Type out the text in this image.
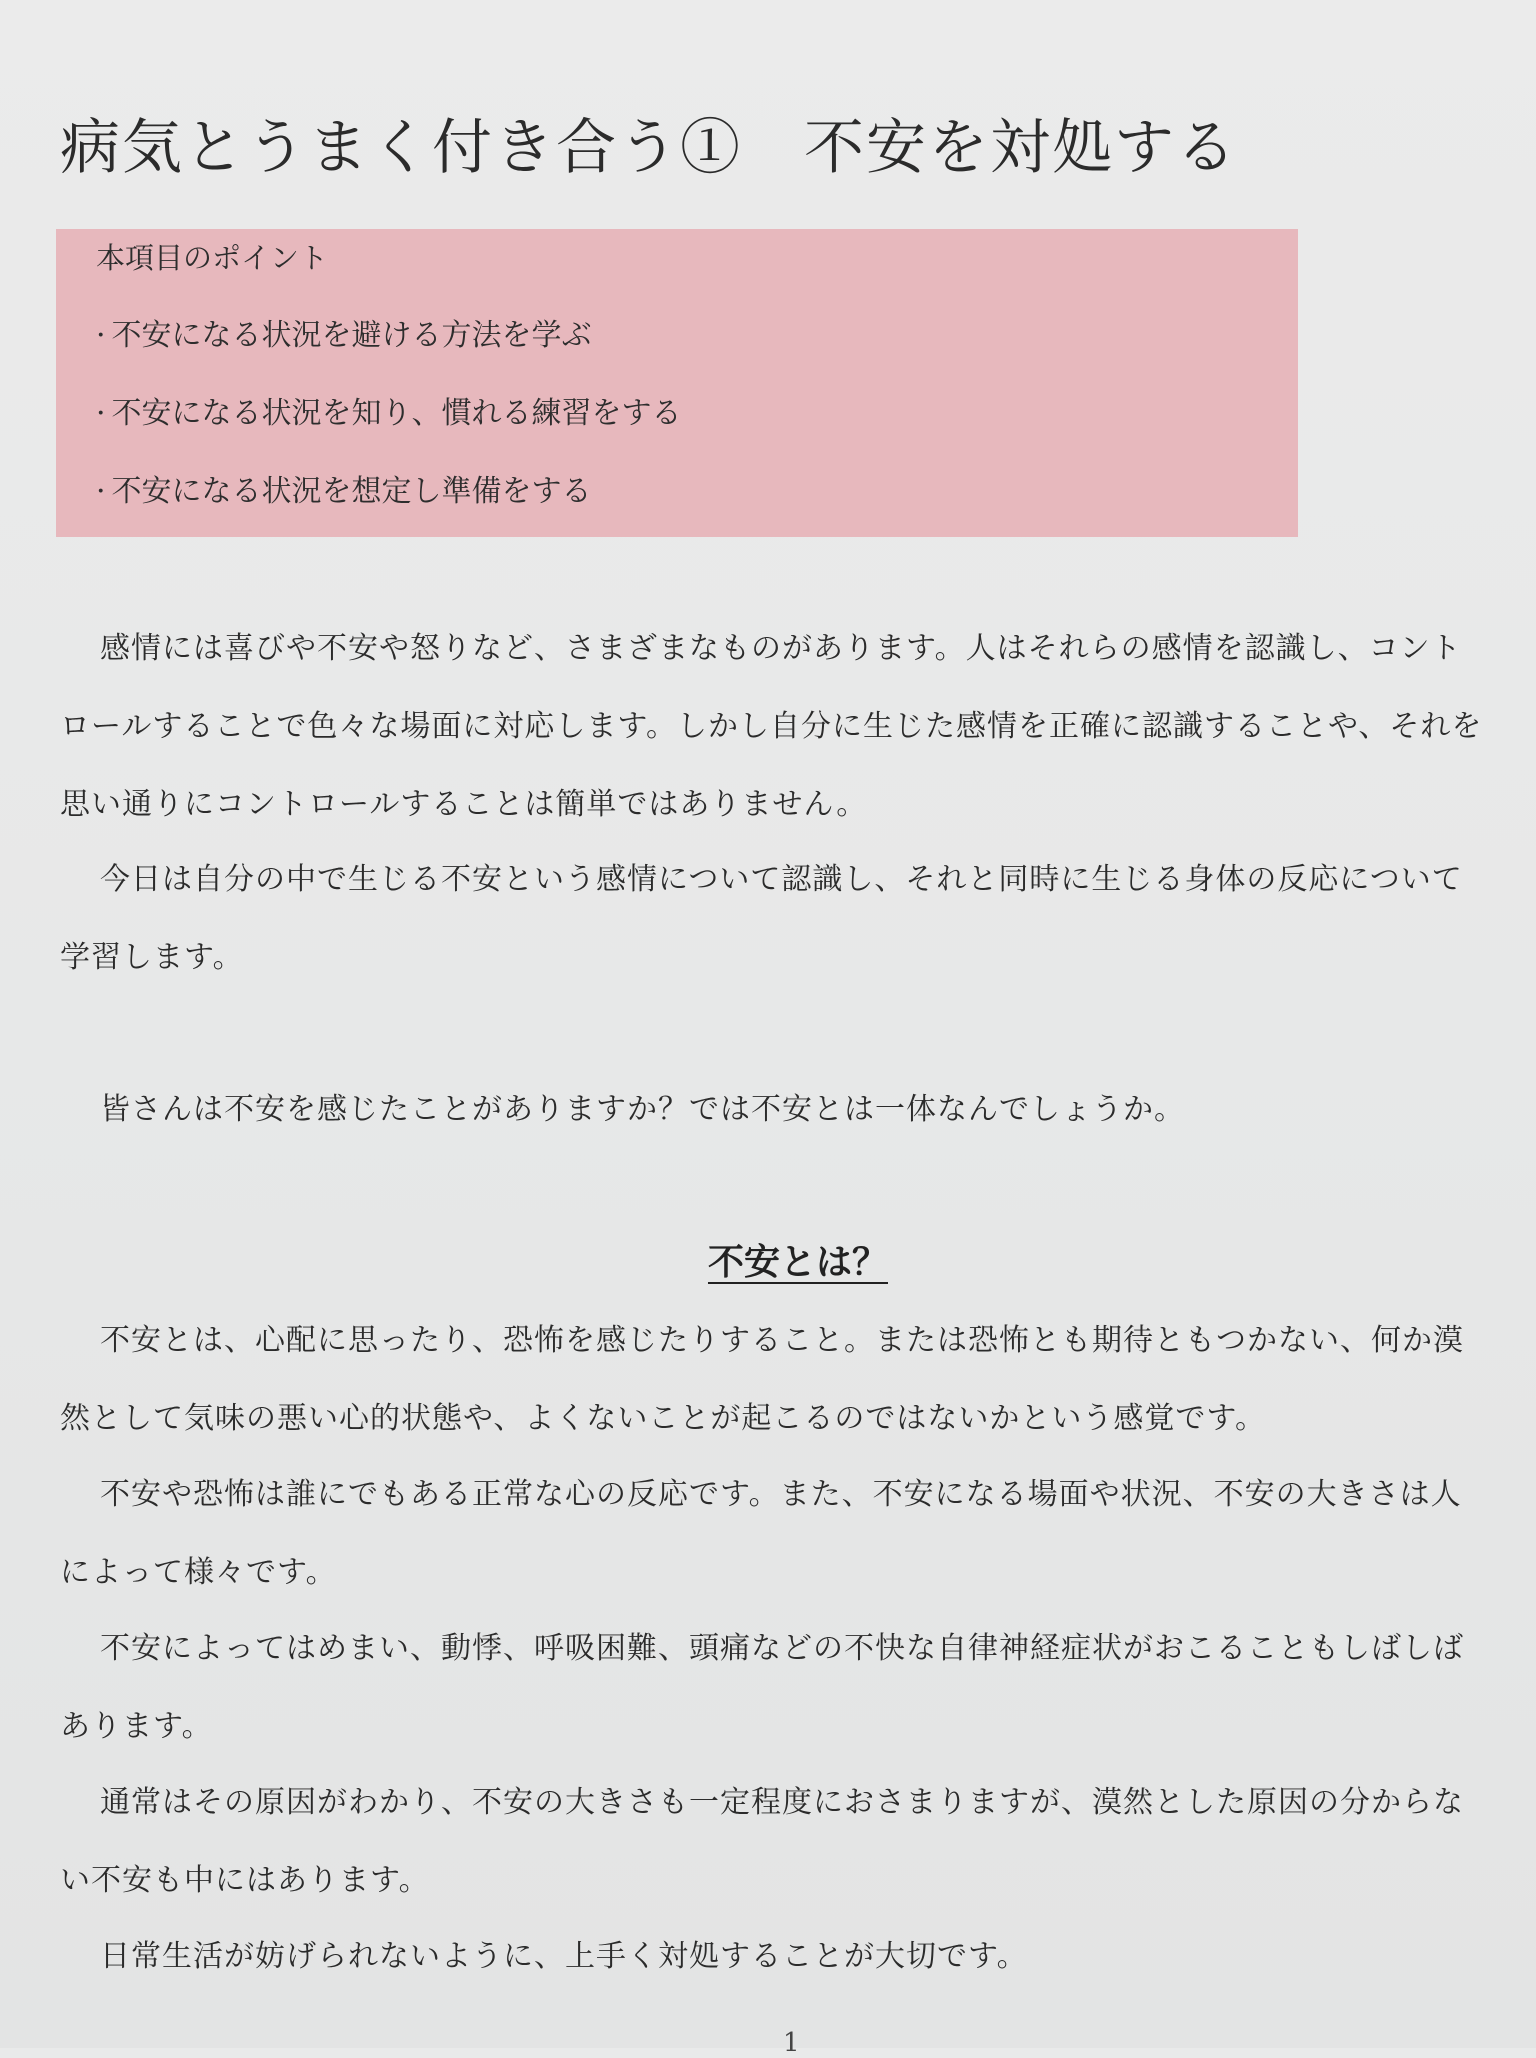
病気とうまく付き合う①　不安を対処する

本項目のポイント

· 不安になる状況を避ける方法を学ぶ
· 不安になる状況を知り、慣れる練習をする
· 不安になる状況を想定し準備をする

感情には喜びや不安や怒りなど、さまざまなものがあります。人はそれらの感情を認識し、コントロールすることで色々な場面に対応します。しかし自分に生じた感情を正確に認識することや、それを思い通りにコントロールすることは簡単ではありません。

今日は自分の中で生じる不安という感情について認識し、それと同時に生じる身体の反応について学習します。

皆さんは不安を感じたことがありますか？では不安とは一体なんでしょうか。

不安とは？

不安とは、心配に思ったり、恐怖を感じたりすること。または恐怖とも期待ともつかない、何か漠然として気味の悪い心的状態や、よくないことが起こるのではないかという感覚です。

不安や恐怖は誰にでもある正常な心の反応です。また、不安になる場面や状況、不安の大きさは人によって様々です。

不安によってはめまい、動悸、呼吸困難、頭痛などの不快な自律神経症状がおこることもしばしばあります。

通常はその原因がわかり、不安の大きさも一定程度におさまりますが、漠然とした原因の分からない不安も中にはあります。

日常生活が妨げられないように、上手く対処することが大切です。

1
